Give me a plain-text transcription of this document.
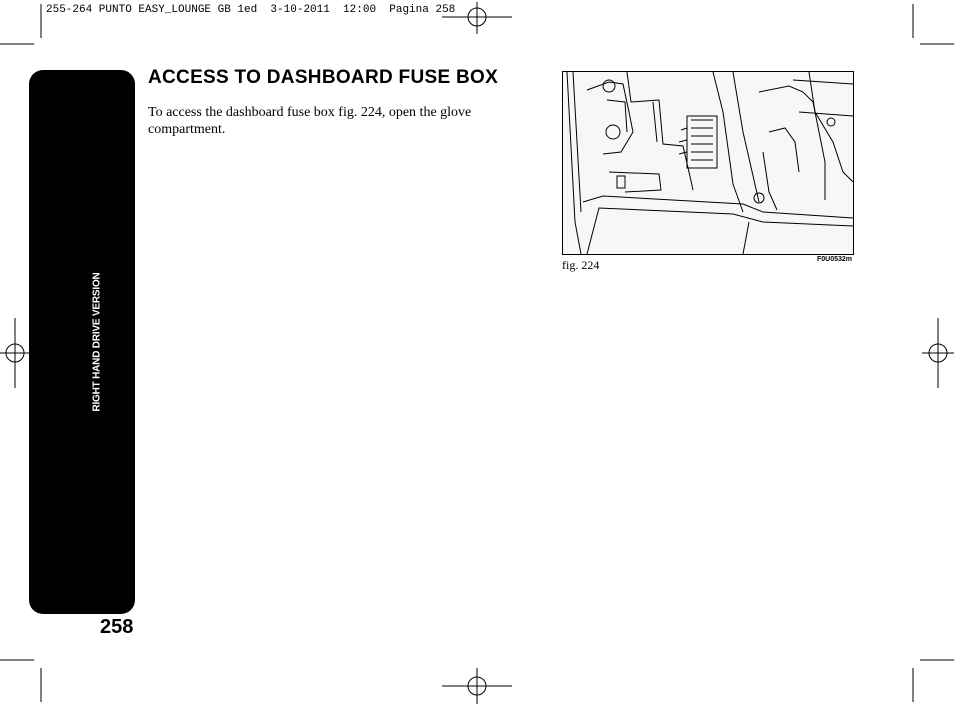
255-264 PUNTO EASY_LOUNGE GB 1ed  3-10-2011  12:00  Pagina 258
RIGHT HAND DRIVE VERSION
258
ACCESS TO DASHBOARD FUSE BOX
To access the dashboard fuse box fig. 224, open the glove compartment.
fig. 224	F0U0532m
